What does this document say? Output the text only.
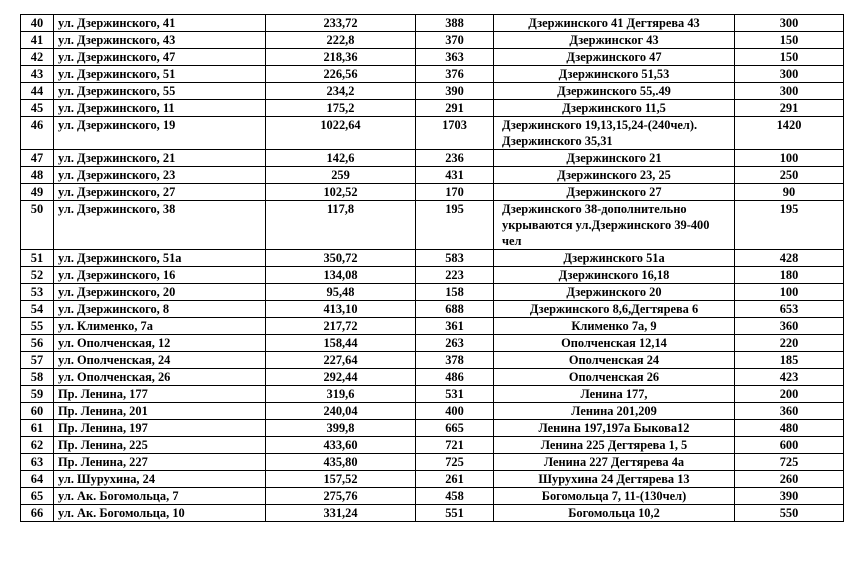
40	ул. Дзержинского, 41	233,72	388	Дзержинского 41 Дегтярева 43	300
41	ул. Дзержинского, 43	222,8	370	Дзержинског 43	150
42	ул. Дзержинского, 47	218,36	363	Дзержинского 47	150
43	ул. Дзержинского, 51	226,56	376	Дзержинского 51,53	300
44	ул. Дзержинского, 55	234,2	390	Дзержинского 55,.49	300
45	ул. Дзержинского, 11	175,2	291	Дзержинского 11,5	291
46	ул. Дзержинского, 19	1022,64	1703	Дзержинского 19,13,15,24-(240чел). Дзержинского 35,31	1420
47	ул. Дзержинского, 21	142,6	236	Дзержинского 21	100
48	ул. Дзержинского, 23	259	431	Дзержинского 23, 25	250
49	ул. Дзержинского, 27	102,52	170	Дзержинского 27	90
50	ул. Дзержинского, 38	117,8	195	Дзержинского 38-дополнительно укрываются ул.Дзержинского 39-400 чел	195
51	ул. Дзержинского, 51а	350,72	583	Дзержинского 51а	428
52	ул. Дзержинского, 16	134,08	223	Дзержинского 16,18	180
53	ул. Дзержинского, 20	95,48	158	Дзержинского 20	100
54	ул. Дзержинского, 8	413,10	688	Дзержинского 8,6,Дегтярева 6	653
55	ул. Клименко, 7а	217,72	361	Клименко 7а, 9	360
56	ул. Ополченская, 12	158,44	263	Ополченская 12,14	220
57	ул. Ополченская, 24	227,64	378	Ополченская 24	185
58	ул. Ополченская, 26	292,44	486	Ополченская 26	423
59	Пр. Ленина, 177	319,6	531	Ленина 177,	200
60	Пр. Ленина, 201	240,04	400	Ленина 201,209	360
61	Пр. Ленина, 197	399,8	665	Ленина 197,197а Быкова12	480
62	Пр. Ленина, 225	433,60	721	Ленина 225 Дегтярева 1, 5	600
63	Пр. Ленина, 227	435,80	725	Ленина 227 Дегтярева 4а	725
64	ул. Шурухина, 24	157,52	261	Шурухина 24 Дегтярева 13	260
65	ул. Ак. Богомольца, 7	275,76	458	Богомольца 7, 11-(130чел)	390
66	ул. Ак. Богомольца, 10	331,24	551	Богомольца 10,2	550
